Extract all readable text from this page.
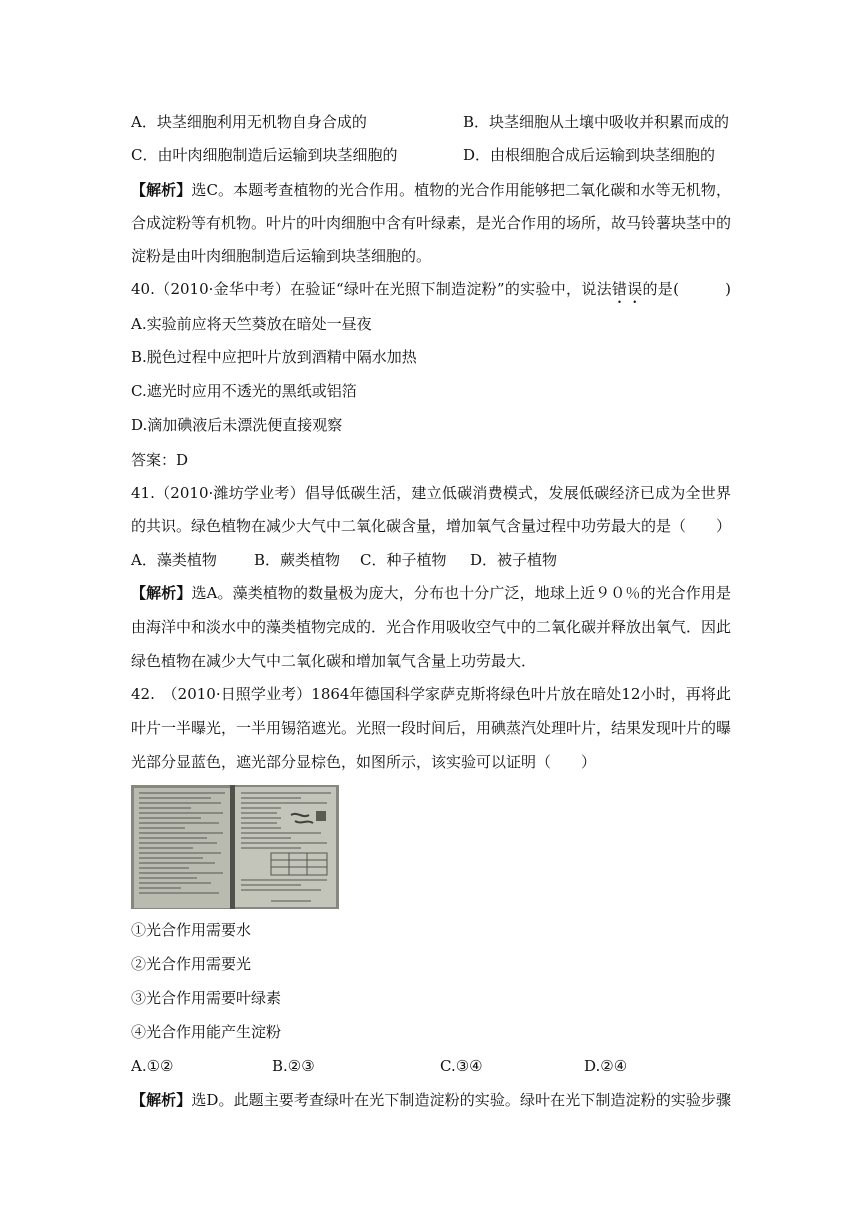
A．块茎细胞利用无机物自身合成的	B．块茎细胞从土壤中吸收并积累而成的
C．由叶肉细胞制造后运输到块茎细胞的	D．由根细胞合成后运输到块茎细胞的
【解析】选C。本题考查植物的光合作用。植物的光合作用能够把二氧化碳和水等无机物，
合成淀粉等有机物。叶片的叶肉细胞中含有叶绿素，是光合作用的场所，故马铃薯块茎中的
淀粉是由叶肉细胞制造后运输到块茎细胞的。
40.（2010·金华中考）在验证“绿叶在光照下制造淀粉”的实验中，说法错误的是(　　　)
A.实验前应将天竺葵放在暗处一昼夜
B.脱色过程中应把叶片放到酒精中隔水加热
C.遮光时应用不透光的黑纸或铝箔
D.滴加碘液后未漂洗便直接观察
答案：D
41.（2010·潍坊学业考）倡导低碳生活，建立低碳消费模式，发展低碳经济已成为全世界
的共识。绿色植物在减少大气中二氧化碳含量，增加氧气含量过程中功劳最大的是（　　）
A．藻类植物 B．蕨类植物 C．种子植物 D．被子植物
【解析】选A。藻类植物的数量极为庞大，分布也十分广泛，地球上近９０％的光合作用是
由海洋中和淡水中的藻类植物完成的．光合作用吸收空气中的二氧化碳并释放出氧气．因此
绿色植物在减少大气中二氧化碳和增加氧气含量上功劳最大．
42.　（2010·日照学业考）1864年德国科学家萨克斯将绿色叶片放在暗处12小时，再将此
叶片一半曝光，一半用锡箔遮光。光照一段时间后，用碘蒸汽处理叶片，结果发现叶片的曝
光部分显蓝色，遮光部分显棕色，如图所示，该实验可以证明（　　）
①光合作用需要水
②光合作用需要光
③光合作用需要叶绿素
④光合作用能产生淀粉
A.①②	B.②③	C.③④	D.②④
【解析】选D。此题主要考查绿叶在光下制造淀粉的实验。绿叶在光下制造淀粉的实验步骤
